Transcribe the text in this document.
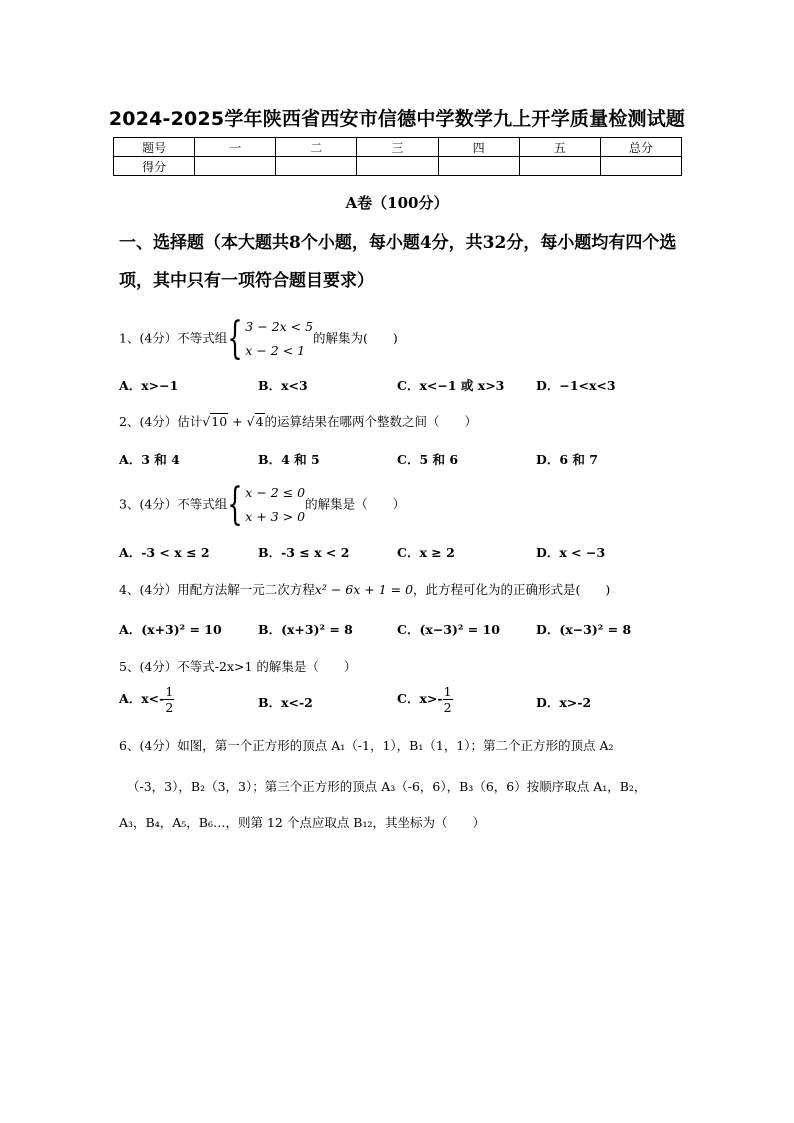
2024-2025学年陕西省西安市信德中学数学九上开学质量检测试题
题号	一	二	三	四	五	总分
得分						
A卷（100分）
一、选择题（本大题共8个小题，每小题4分，共32分，每小题均有四个选项，其中只有一项符合题目要求）
1、(4分）不等式组{ 3 − 2x < 5
x − 2 < 1
的解集为(　　)
A．x>−1	B．x<3	C．x<−1 或 x>3	D．−1<x<3
2、(4分）估计√10 + √4的运算结果在哪两个整数之间（　　）
A．3 和 4	B．4 和 5	C．5 和 6	D．6 和 7
3、(4分）不等式组{ x − 2 ≤ 0
x + 3 > 0
的解集是（　　）
A．-3 < x ≤ 2	B．-3 ≤ x < 2	C．x ≥ 2	D．x < −3
4、(4分）用配方法解一元二次方程x² − 6x + 1 = 0，此方程可化为的正确形式是(　　)
A．(x+3)² = 10	B．(x+3)² = 8	C．(x−3)² = 10	D．(x−3)² = 8
5、(4分）不等式-2x>1 的解集是（　　）
A．$x<- \frac{1}{2}$	B．x<-2	C．$x>- \frac{1}{2}$	D．x>-2
6、(4分）如图，第一个正方形的顶点 A₁（-1，1），B₁（1，1）；第二个正方形的顶点 A₂
（-3，3），B₂（3，3）；第三个正方形的顶点 A₃（-6，6），B₃（6，6）按顺序取点 A₁，B₂，
A₃，B₄，A₅，B₆…，则第 12 个点应取点 B₁₂，其坐标为（　　）
